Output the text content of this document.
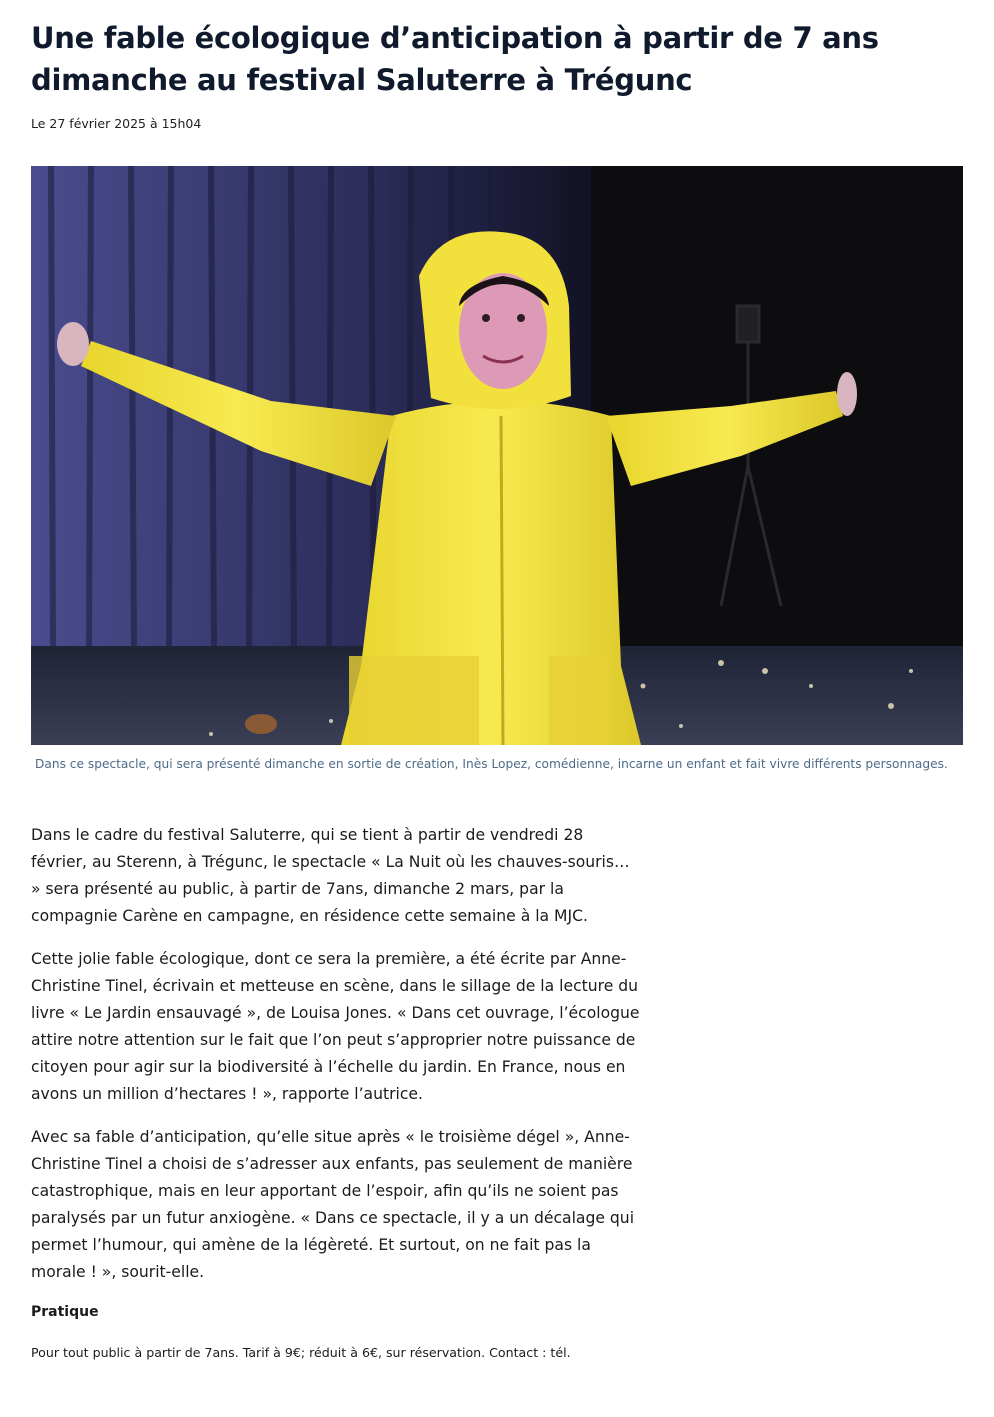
Une fable écologique d’anticipation à partir de 7 ans dimanche au festival Saluterre à Trégunc
Le 27 février 2025 à 15h04
Dans ce spectacle, qui sera présenté dimanche en sortie de création, Inès Lopez, comédienne, incarne un enfant et fait vivre différents personnages.

Dans le cadre du festival Saluterre, qui se tient à partir de vendredi 28 février, au Sterenn, à Trégunc, le spectacle « La Nuit où les chauves-souris… » sera présenté au public, à partir de 7ans, dimanche 2 mars, par la compagnie Carène en campagne, en résidence cette semaine à la MJC.

Cette jolie fable écologique, dont ce sera la première, a été écrite par Anne-Christine Tinel, écrivain et metteuse en scène, dans le sillage de la lecture du livre « Le Jardin ensauvagé », de Louisa Jones. « Dans cet ouvrage, l’écologue attire notre attention sur le fait que l’on peut s’approprier notre puissance de citoyen pour agir sur la biodiversité à l’échelle du jardin. En France, nous en avons un million d’hectares ! », rapporte l’autrice.

Avec sa fable d’anticipation, qu’elle situe après « le troisième dégel », Anne-Christine Tinel a choisi de s’adresser aux enfants, pas seulement de manière catastrophique, mais en leur apportant de l’espoir, afin qu’ils ne soient pas paralysés par un futur anxiogène. « Dans ce spectacle, il y a un décalage qui permet l’humour, qui amène de la légèreté. Et surtout, on ne fait pas la morale ! », sourit-elle.

Pratique
Pour tout public à partir de 7ans. Tarif à 9€; réduit à 6€, sur réservation. Contact : tél.
